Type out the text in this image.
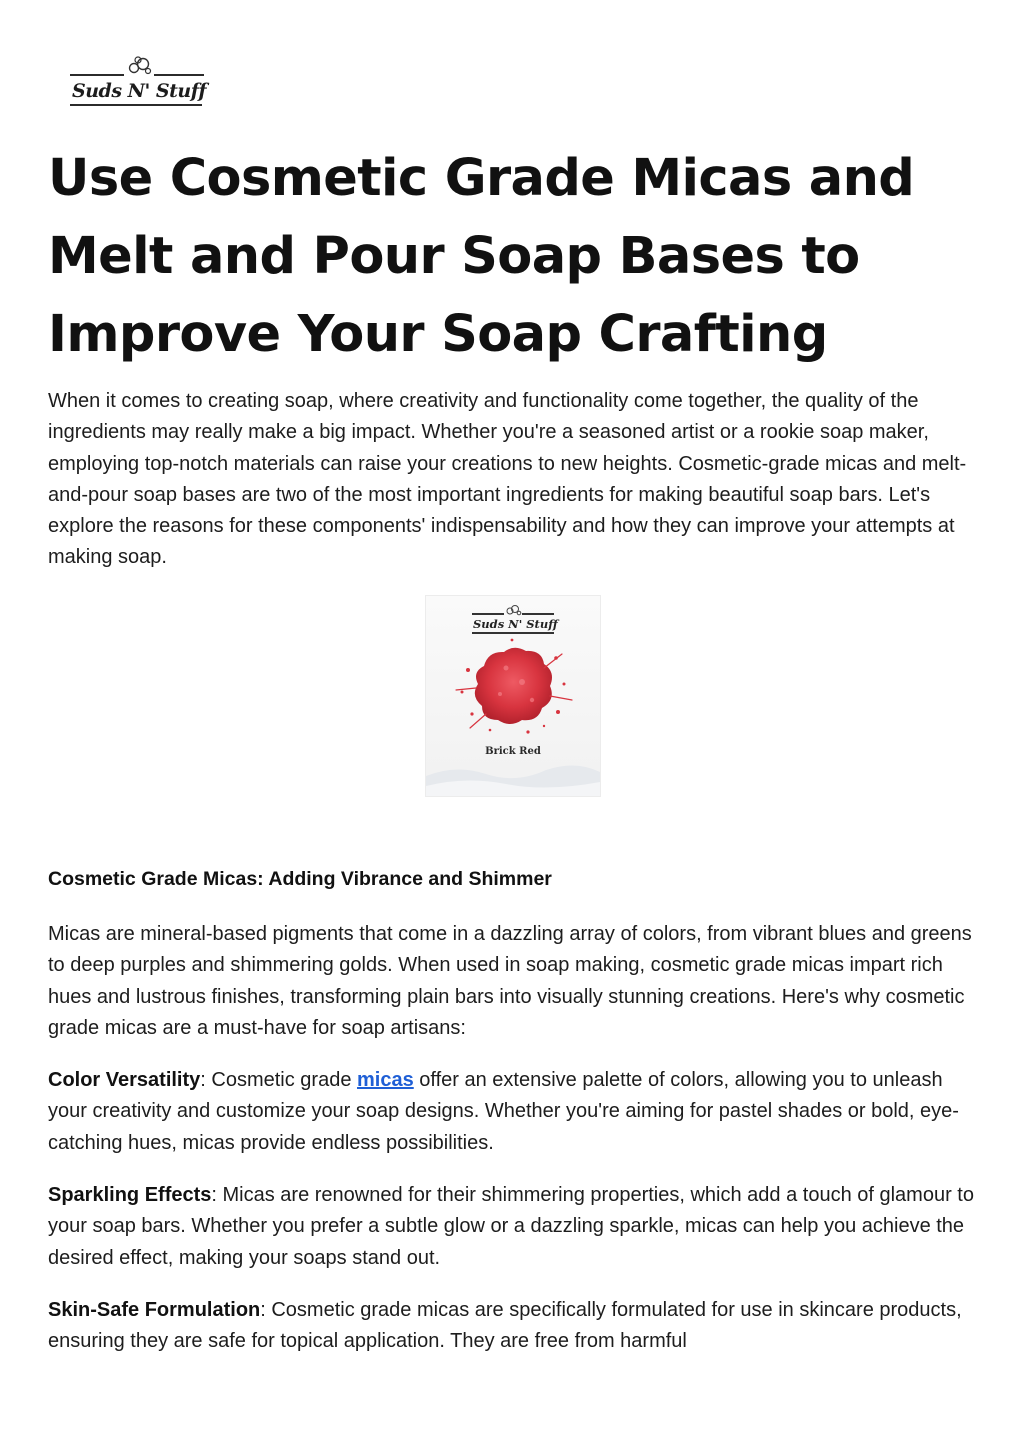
Suds N' Stuff
Use Cosmetic Grade Micas and Melt and Pour Soap Bases to Improve Your Soap Crafting

When it comes to creating soap, where creativity and functionality come together, the quality of the ingredients may really make a big impact. Whether you're a seasoned artist or a rookie soap maker, employing top-notch materials can raise your creations to new heights. Cosmetic-grade micas and melt-and-pour soap bases are two of the most important ingredients for making beautiful soap bars. Let's explore the reasons for these components' indispensability and how they can improve your attempts at making soap.

Suds N' Stuff
Brick Red
Cosmetic Grade Micas: Adding Vibrance and Shimmer

Micas are mineral-based pigments that come in a dazzling array of colors, from vibrant blues and greens to deep purples and shimmering golds. When used in soap making, cosmetic grade micas impart rich hues and lustrous finishes, transforming plain bars into visually stunning creations. Here's why cosmetic grade micas are a must-have for soap artisans:

Color Versatility: Cosmetic grade micas offer an extensive palette of colors, allowing you to unleash your creativity and customize your soap designs. Whether you're aiming for pastel shades or bold, eye-catching hues, micas provide endless possibilities.

Sparkling Effects: Micas are renowned for their shimmering properties, which add a touch of glamour to your soap bars. Whether you prefer a subtle glow or a dazzling sparkle, micas can help you achieve the desired effect, making your soaps stand out.

Skin-Safe Formulation: Cosmetic grade micas are specifically formulated for use in skincare products, ensuring they are safe for topical application. They are free from harmful
